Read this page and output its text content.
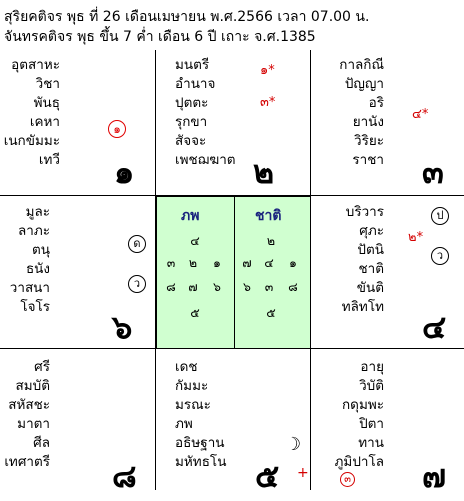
สุริยคติจร พุธ ที่ 26 เดือนเมษายน พ.ศ.2566 เวลา 07.00 น.
จันทรคติจร พุธ ขึ้น 7 ค่ำ เดือน 6 ปี เถาะ จ.ศ.1385
อุตสาหะ
วิชา
พันธุ
เคหา
เนกขัมมะ
เทวี
๑
๑
มนตรี
อำนาจ
ปุตตะ
รุกขา
สัจจะ
เพชฌฆาต
๑*
๓*
๒
กาลกิณี
ปัญญา
อริ
ยานัง
วิริยะ
ราชา
๔*
๓
มูละ
ลาภะ
ตนุ
ธนัง
วาสนา
โจโร
ด
ว
๖
ภพ
๔
๓ ๒ ๑
๘ ๗ ๖
๕
ชาติ
๒
๗ ๔ ๑
๖ ๓ ๘
๕
บริวาร
ศุภะ
ปัตนิ
ชาติ
ขันติ
ทลิทโท
ป
๒*
ว
๔
ศรี
สมบัติ
สหัสชะ
มาตา
ศีล
เทศาตรี ๘
เดช
กัมมะ
มรณะ
ภพ
อธิษฐาน
มหัทธโน
☽
๕ +
อายุ
วิบัติ
กดุมพะ
ปิตา
ทาน
ภูมิปาโล
๓ ๗
